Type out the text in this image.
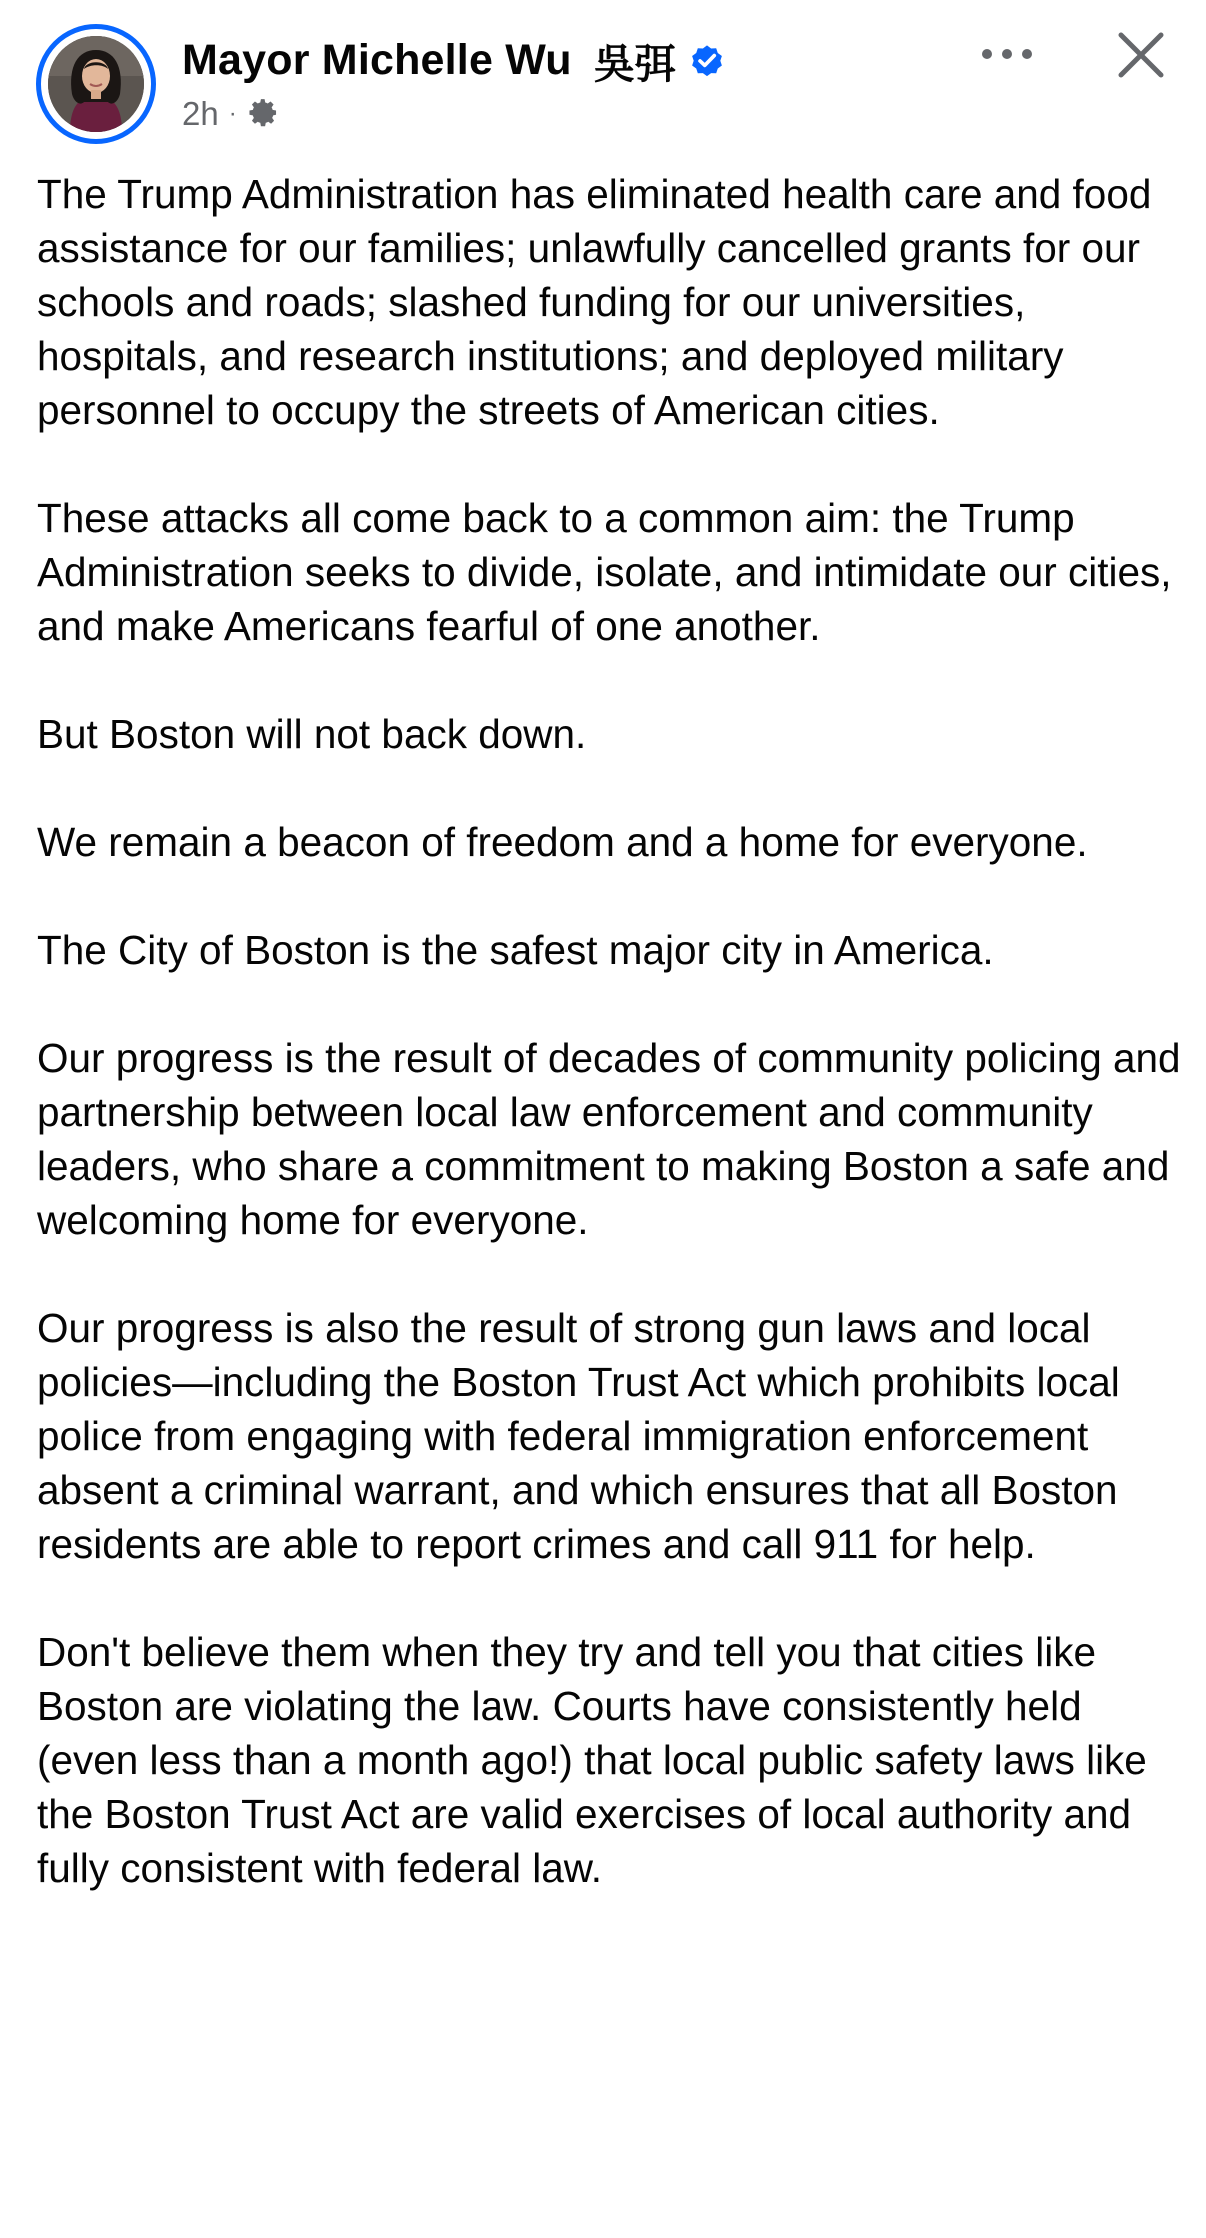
Mayor Michelle Wu 吳弭
2h ·

The Trump Administration has eliminated health care and food assistance for our families; unlawfully cancelled grants for our schools and roads; slashed funding for our universities, hospitals, and research institutions; and deployed military personnel to occupy the streets of American cities.

These attacks all come back to a common aim: the Trump Administration seeks to divide, isolate, and intimidate our cities, and make Americans fearful of one another.

But Boston will not back down.

We remain a beacon of freedom and a home for everyone.

The City of Boston is the safest major city in America.

Our progress is the result of decades of community policing and partnership between local law enforcement and community leaders, who share a commitment to making Boston a safe and welcoming home for everyone.

Our progress is also the result of strong gun laws and local policies—including the Boston Trust Act which prohibits local police from engaging with federal immigration enforcement absent a criminal warrant, and which ensures that all Boston residents are able to report crimes and call 911 for help.

Don't believe them when they try and tell you that cities like Boston are violating the law. Courts have consistently held (even less than a month ago!) that local public safety laws like the Boston Trust Act are valid exercises of local authority and fully consistent with federal law.
